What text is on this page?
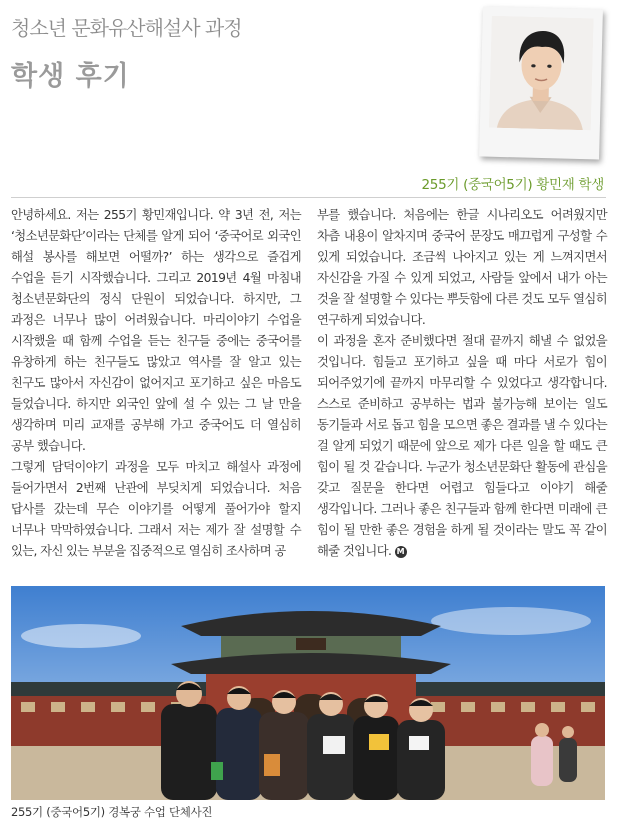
청소년 문화유산해설사 과정
학생 후기
255기 (중국어5기) 황민재 학생

안녕하세요. 저는 255기 황민재입니다. 약 3년 전, 저는 ‘청소년문화단’이라는 단체를 알게 되어 ‘중국어로 외국인 해설 봉사를 해보면 어떨까?’ 하는 생각으로 즐겁게 수업을 듣기 시작했습니다. 그리고 2019년 4월 마침내 청소년문화단의 정식 단원이 되었습니다. 하지만, 그 과정은 너무나 많이 어려웠습니다. 마리이야기 수업을 시작했을 때 함께 수업을 듣는 친구들 중에는 중국어를 유창하게 하는 친구들도 많았고 역사를 잘 알고 있는 친구도 많아서 자신감이 없어지고 포기하고 싶은 마음도 들었습니다. 하지만 외국인 앞에 설 수 있는 그 날 만을 생각하며 미리 교재를 공부해 가고 중국어도 더 열심히 공부 했습니다.

그렇게 담덕이야기 과정을 모두 마치고 해설사 과정에 들어가면서 2번째 난관에 부딪치게 되었습니다. 처음 답사를 갔는데 무슨 이야기를 어떻게 풀어가야 할지 너무나 막막하였습니다. 그래서 저는 제가 잘 설명할 수 있는, 자신 있는 부분을 집중적으로 열심히 조사하며 공

부를 했습니다. 처음에는 한글 시나리오도 어려웠지만 차츰 내용이 알차지며 중국어 문장도 매끄럽게 구성할 수 있게 되었습니다. 조금씩 나아지고 있는 게 느껴지면서 자신감을 가질 수 있게 되었고, 사람들 앞에서 내가 아는 것을 잘 설명할 수 있다는 뿌듯함에 다른 것도 모두 열심히 연구하게 되었습니다.

이 과정을 혼자 준비했다면 절대 끝까지 해낼 수 없었을 것입니다. 힘들고 포기하고 싶을 때 마다 서로가 힘이 되어주었기에 끝까지 마무리할 수 있었다고 생각합니다. 스스로 준비하고 공부하는 법과 불가능해 보이는 일도 동기들과 서로 돕고 힘을 모으면 좋은 결과를 낼 수 있다는 걸 알게 되었기 때문에 앞으로 제가 다른 일을 할 때도 큰 힘이 될 것 같습니다. 누군가 청소년문화단 활동에 관심을 갖고 질문을 한다면 어렵고 힘들다고 이야기 해줄 생각입니다. 그러나 좋은 친구들과 함께 한다면 미래에 큰 힘이 될 만한 좋은 경험을 하게 될 것이라는 말도 꼭 같이 해줄 것입니다. M

255기 (중국어5기) 경복궁 수업 단체사진
